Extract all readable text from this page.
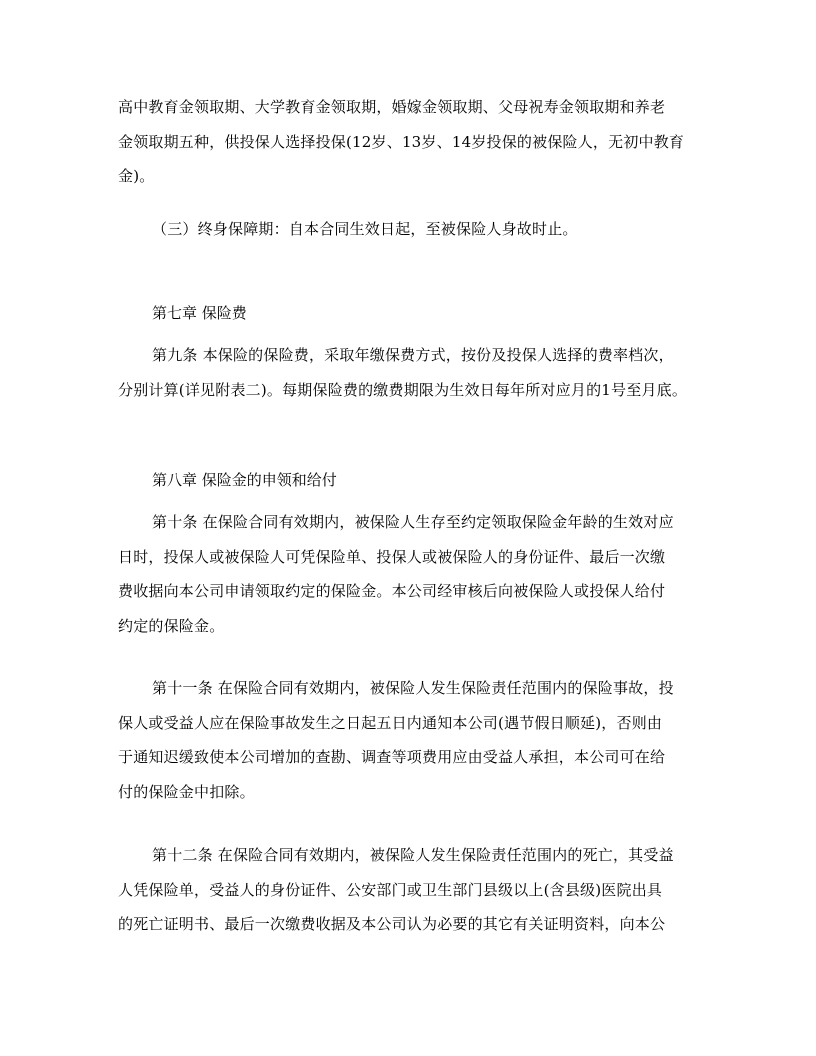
高中教育金领取期、大学教育金领取期，婚嫁金领取期、父母祝寿金领取期和养老
金领取期五种，供投保人选择投保(12岁、13岁、14岁投保的被保险人，无初中教育
金)。
（三）终身保障期：自本合同生效日起，至被保险人身故时止。
第七章 保险费
第九条 本保险的保险费，采取年缴保费方式，按份及投保人选择的费率档次，
分别计算(详见附表二)。每期保险费的缴费期限为生效日每年所对应月的1号至月底。
第八章 保险金的申领和给付
第十条 在保险合同有效期内，被保险人生存至约定领取保险金年龄的生效对应
日时，投保人或被保险人可凭保险单、投保人或被保险人的身份证件、最后一次缴
费收据向本公司申请领取约定的保险金。本公司经审核后向被保险人或投保人给付
约定的保险金。
第十一条 在保险合同有效期内，被保险人发生保险责任范围内的保险事故，投
保人或受益人应在保险事故发生之日起五日内通知本公司(遇节假日顺延)，否则由
于通知迟缓致使本公司增加的查勘、调查等项费用应由受益人承担，本公司可在给
付的保险金中扣除。
第十二条 在保险合同有效期内，被保险人发生保险责任范围内的死亡，其受益
人凭保险单，受益人的身份证件、公安部门或卫生部门县级以上(含县级)医院出具
的死亡证明书、最后一次缴费收据及本公司认为必要的其它有关证明资料，向本公
